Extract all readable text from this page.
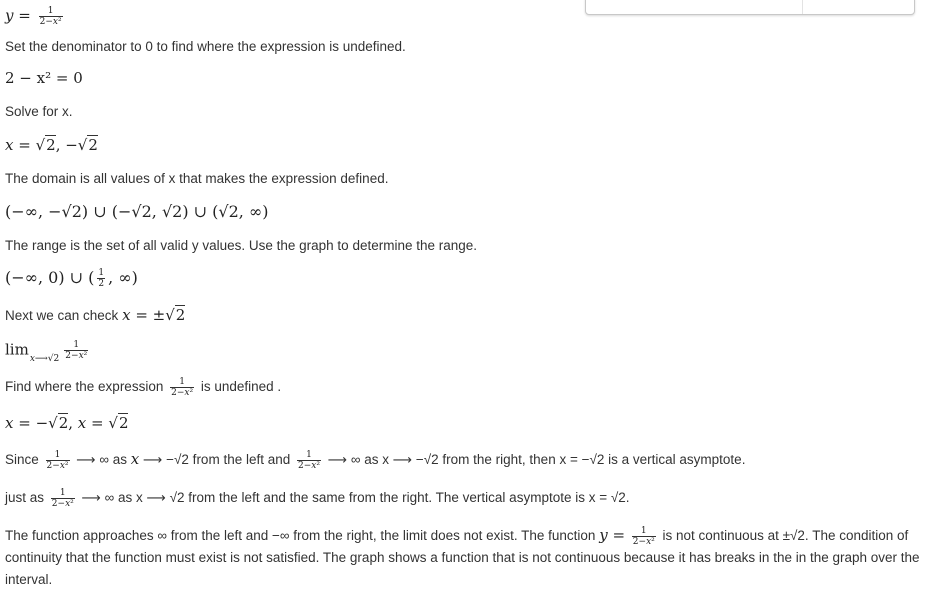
$y = \frac{1}{\text{2−x²}}$
Set the denominator to 0 to find where the expression is undefined.
2 − x² = 0
Solve for x.
x = √2, −√2
The domain is all values of x that makes the expression defined.
(−∞, −√2) ∪ (−√2, √2) ∪ (√2, ∞)
The range is the set of all valid y values. Use the graph to determine the range.
(−∞, 0) ∪ ( $\frac{1}{2}$ , ∞)
Next we can check x = ±√2
$\lim_{x⟶√2} \frac{1}{\text{2−x²}}$
Find where the expression $\frac{1}{\text{2−x²}}$ is undefined .
x = −√2, x = √2
Since $\frac{1}{\text{2−x²}}$ ⟶ ∞ as x ⟶ −√2 from the left and $\frac{1}{\text{2−x²}}$ ⟶ ∞ as x ⟶ −√2 from the right, then x = −√2 is a vertical asymptote.
just as $\frac{1}{\text{2−x²}}$ ⟶ ∞ as x ⟶ √2 from the left and the same from the right. The vertical asymptote is x = √2.
The function approaches ∞ from the left and −∞ from the right, the limit does not exist. The function $y = \frac{1}{\text{2−x²}}$ is not continuous at ±√2. The condition of continuity that the function must exist is not satisfied. The graph shows a function that is not continuous because it has breaks in the in the graph over the interval.
